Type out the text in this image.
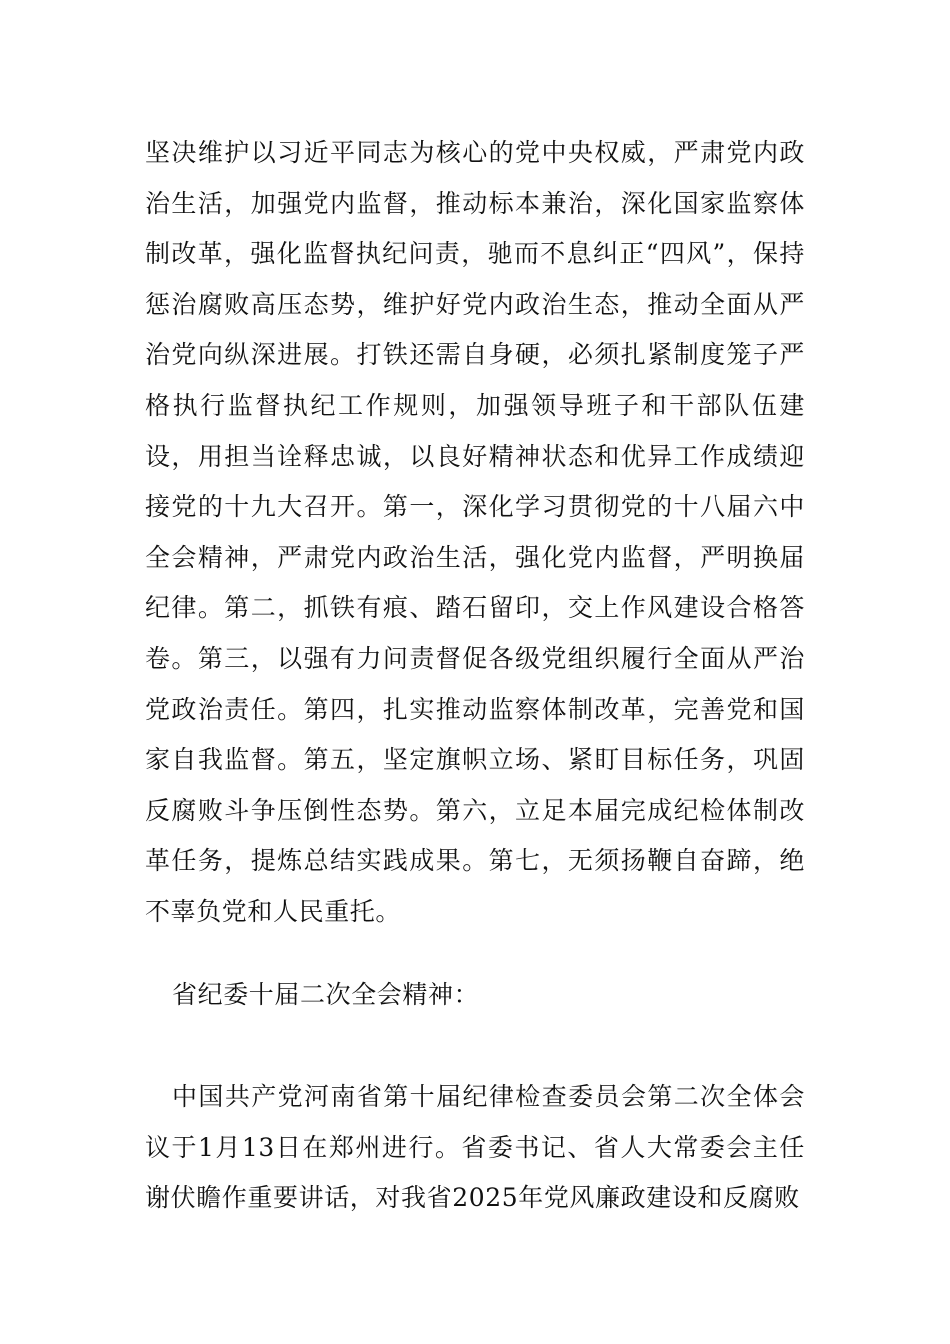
坚决维护以习近平同志为核心的党中央权威，严肃党内政治生活，加强党内监督，推动标本兼治，深化国家监察体制改革，强化监督执纪问责，驰而不息纠正“四风”，保持惩治腐败高压态势，维护好党内政治生态，推动全面从严治党向纵深进展。打铁还需自身硬，必须扎紧制度笼子严格执行监督执纪工作规则，加强领导班子和干部队伍建设，用担当诠释忠诚，以良好精神状态和优异工作成绩迎接党的十九大召开。第一，深化学习贯彻党的十八届六中全会精神，严肃党内政治生活，强化党内监督，严明换届纪律。第二，抓铁有痕、踏石留印，交上作风建设合格答卷。第三，以强有力问责督促各级党组织履行全面从严治党政治责任。第四，扎实推动监察体制改革，完善党和国家自我监督。第五，坚定旗帜立场、紧盯目标任务，巩固反腐败斗争压倒性态势。第六，立足本届完成纪检体制改革任务，提炼总结实践成果。第七，无须扬鞭自奋蹄，绝不辜负党和人民重托。

省纪委十届二次全会精神：

中国共产党河南省第十届纪律检查委员会第二次全体会议于1月13日在郑州进行。省委书记、省人大常委会主任谢伏瞻作重要讲话，对我省2025年党风廉政建设和反腐败
